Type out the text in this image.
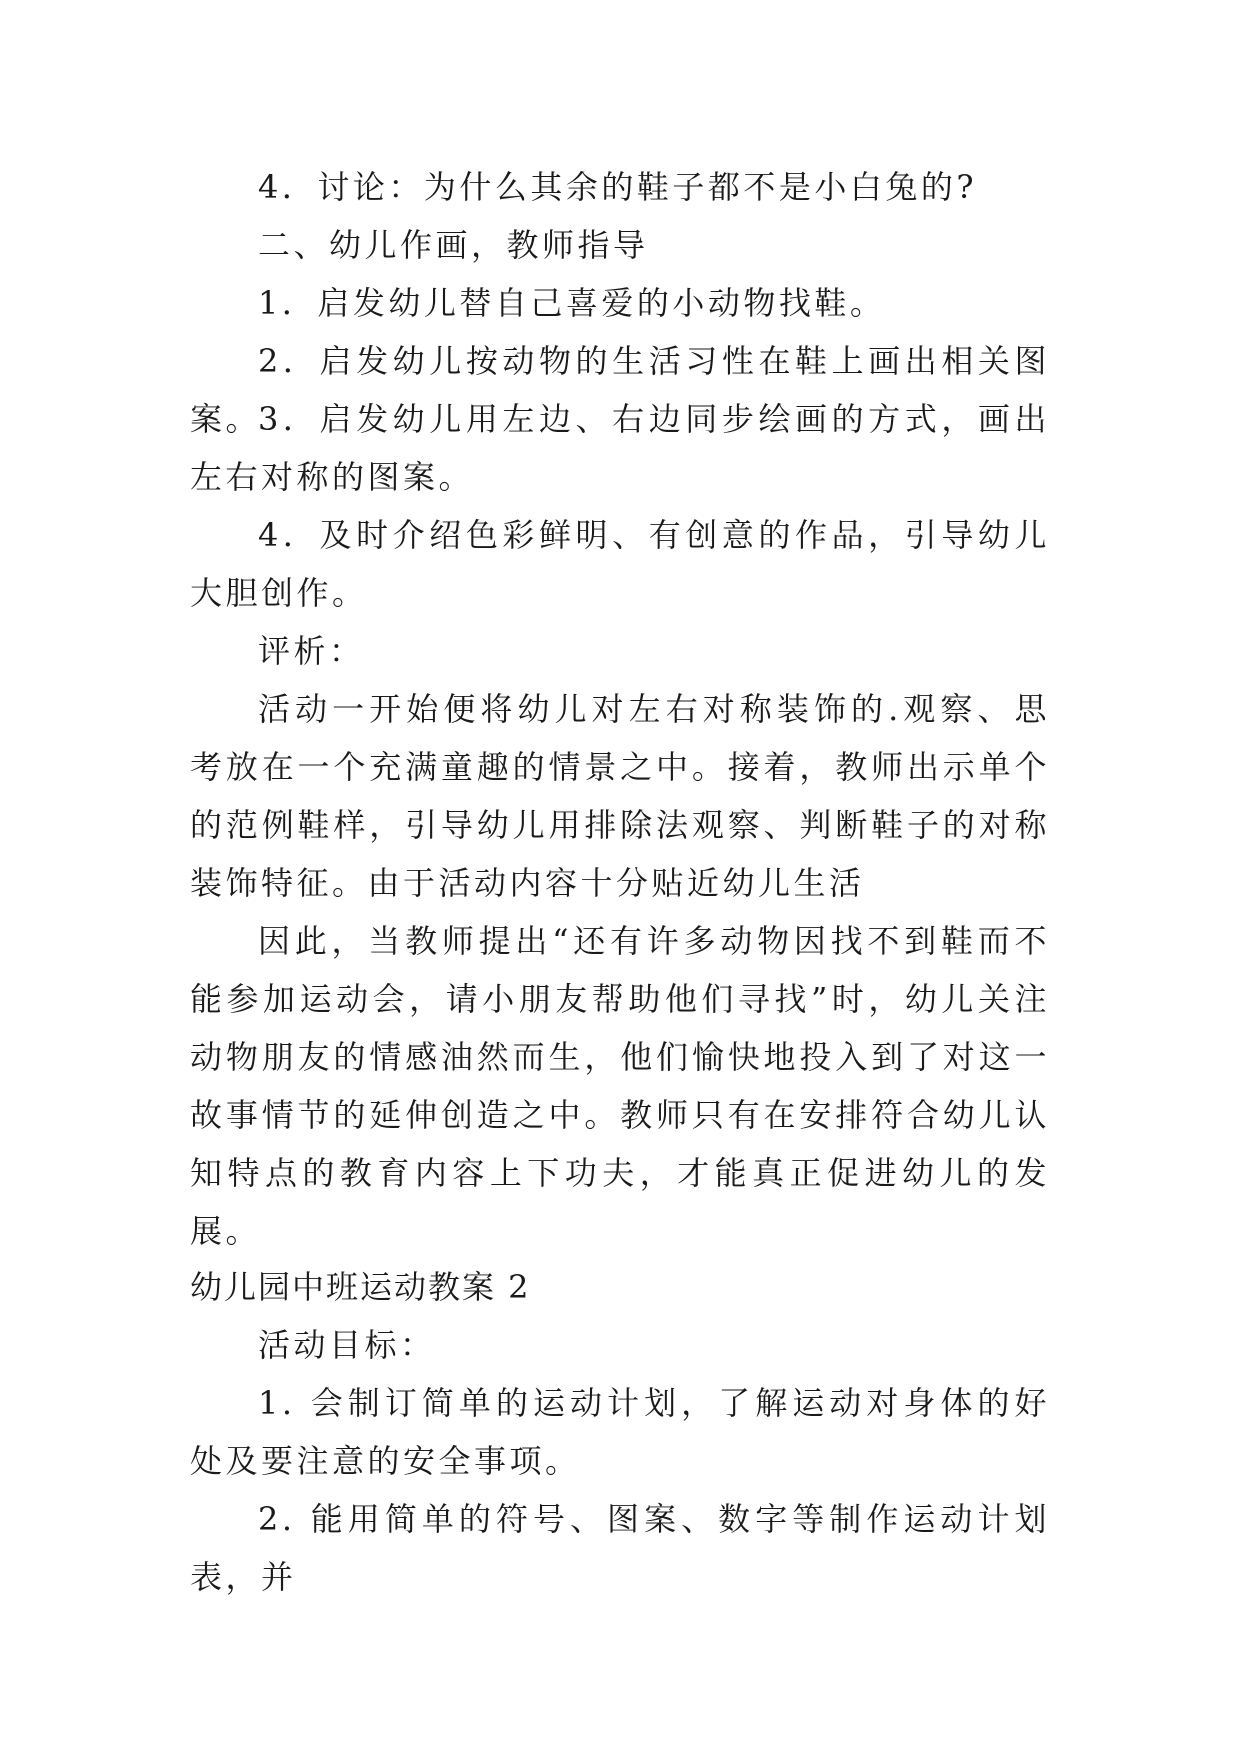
4．讨论：为什么其余的鞋子都不是小白兔的?

二、幼儿作画，教师指导

1．启发幼儿替自己喜爱的小动物找鞋。

2．启发幼儿按动物的生活习性在鞋上画出相关图案。

3．启发幼儿用左边、右边同步绘画的方式，画出左右对称的图案。

4．及时介绍色彩鲜明、有创意的作品，引导幼儿大胆创作。

评析：

活动一开始便将幼儿对左右对称装饰的.观察、思考放在一个充满童趣的情景之中。接着，教师出示单个的范例鞋样，引导幼儿用排除法观察、判断鞋子的对称装饰特征。由于活动内容十分贴近幼儿生活

因此，当教师提出“还有许多动物因找不到鞋而不能参加运动会，请小朋友帮助他们寻找”时，幼儿关注动物朋友的情感油然而生，他们愉快地投入到了对这一故事情节的延伸创造之中。教师只有在安排符合幼儿认知特点的教育内容上下功夫，才能真正促进幼儿的发展。

幼儿园中班运动教案 2

活动目标：

1. 会制订简单的运动计划，了解运动对身体的好处及要注意的安全事项。

2. 能用简单的符号、图案、数字等制作运动计划表，并
